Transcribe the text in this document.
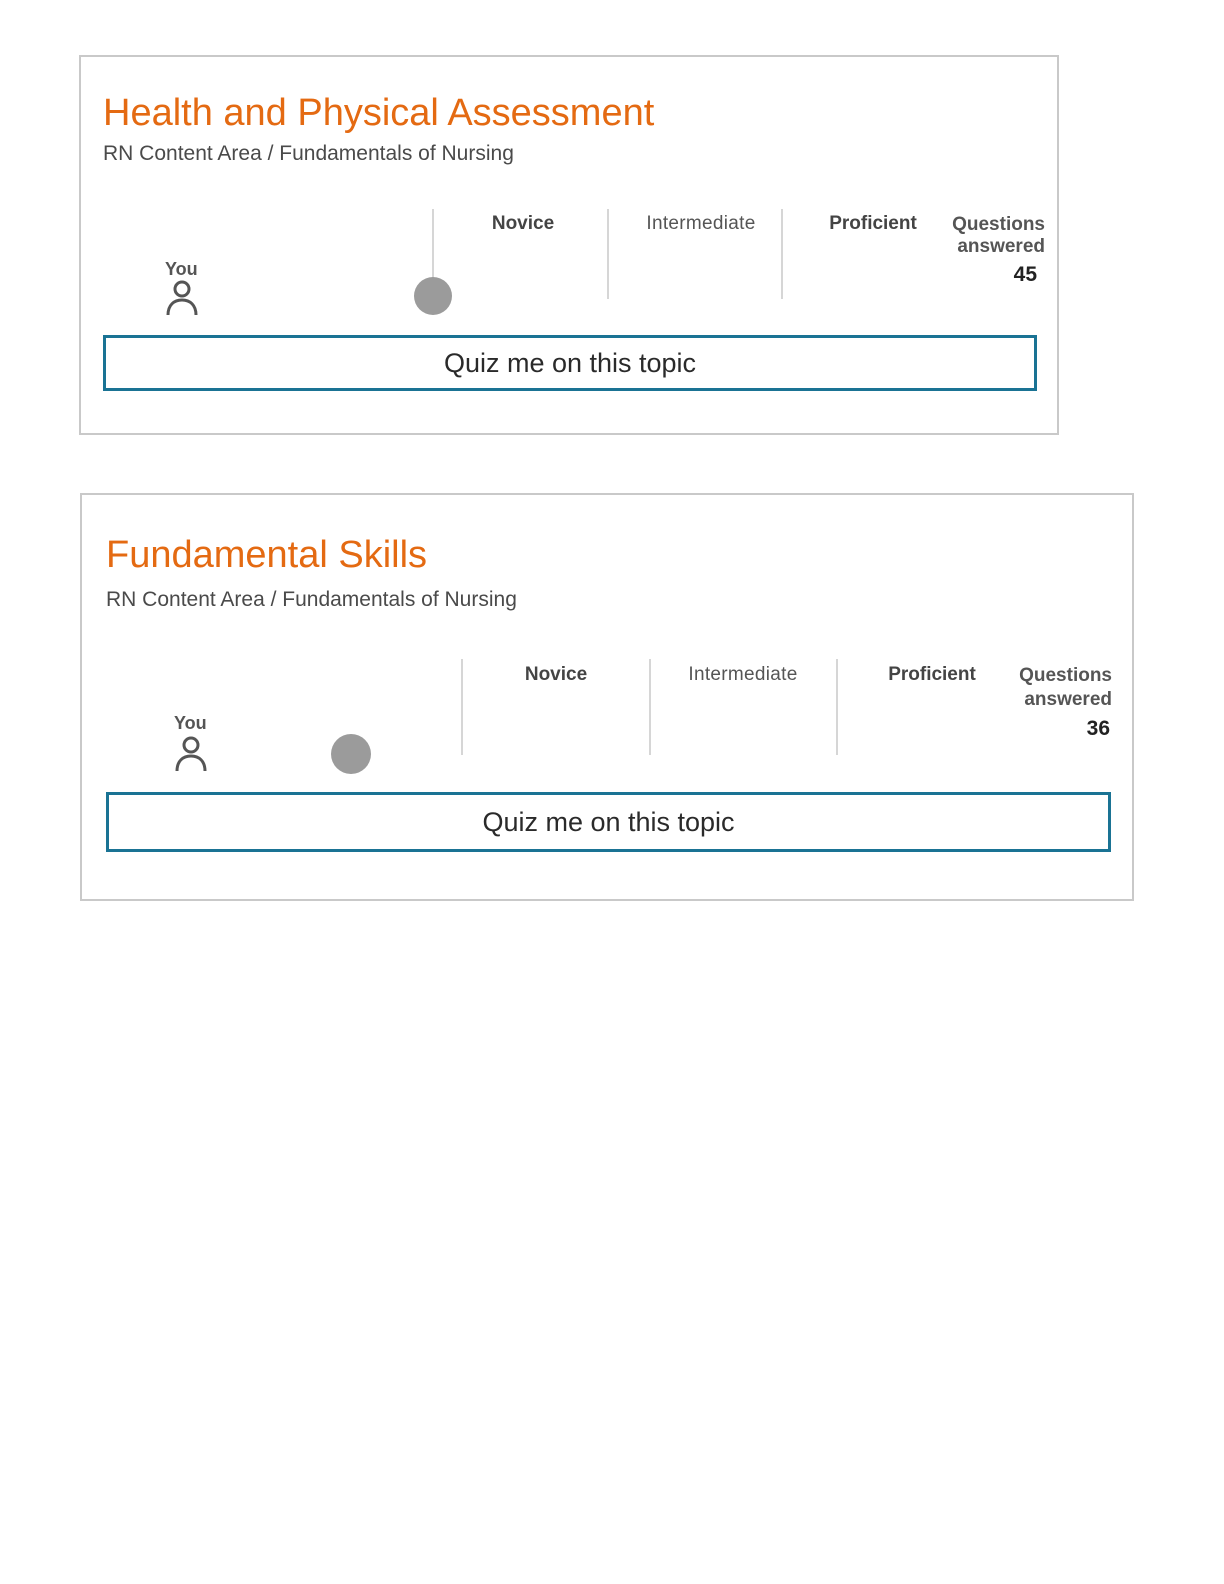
Health and Physical Assessment
RN Content Area / Fundamentals of Nursing
Novice	Intermediate	Proficient	Questions
answered
45
You
Quiz me on this topic
Fundamental Skills
RN Content Area / Fundamentals of Nursing
Novice	Intermediate	Proficient	Questions
answered
36
You
Quiz me on this topic
